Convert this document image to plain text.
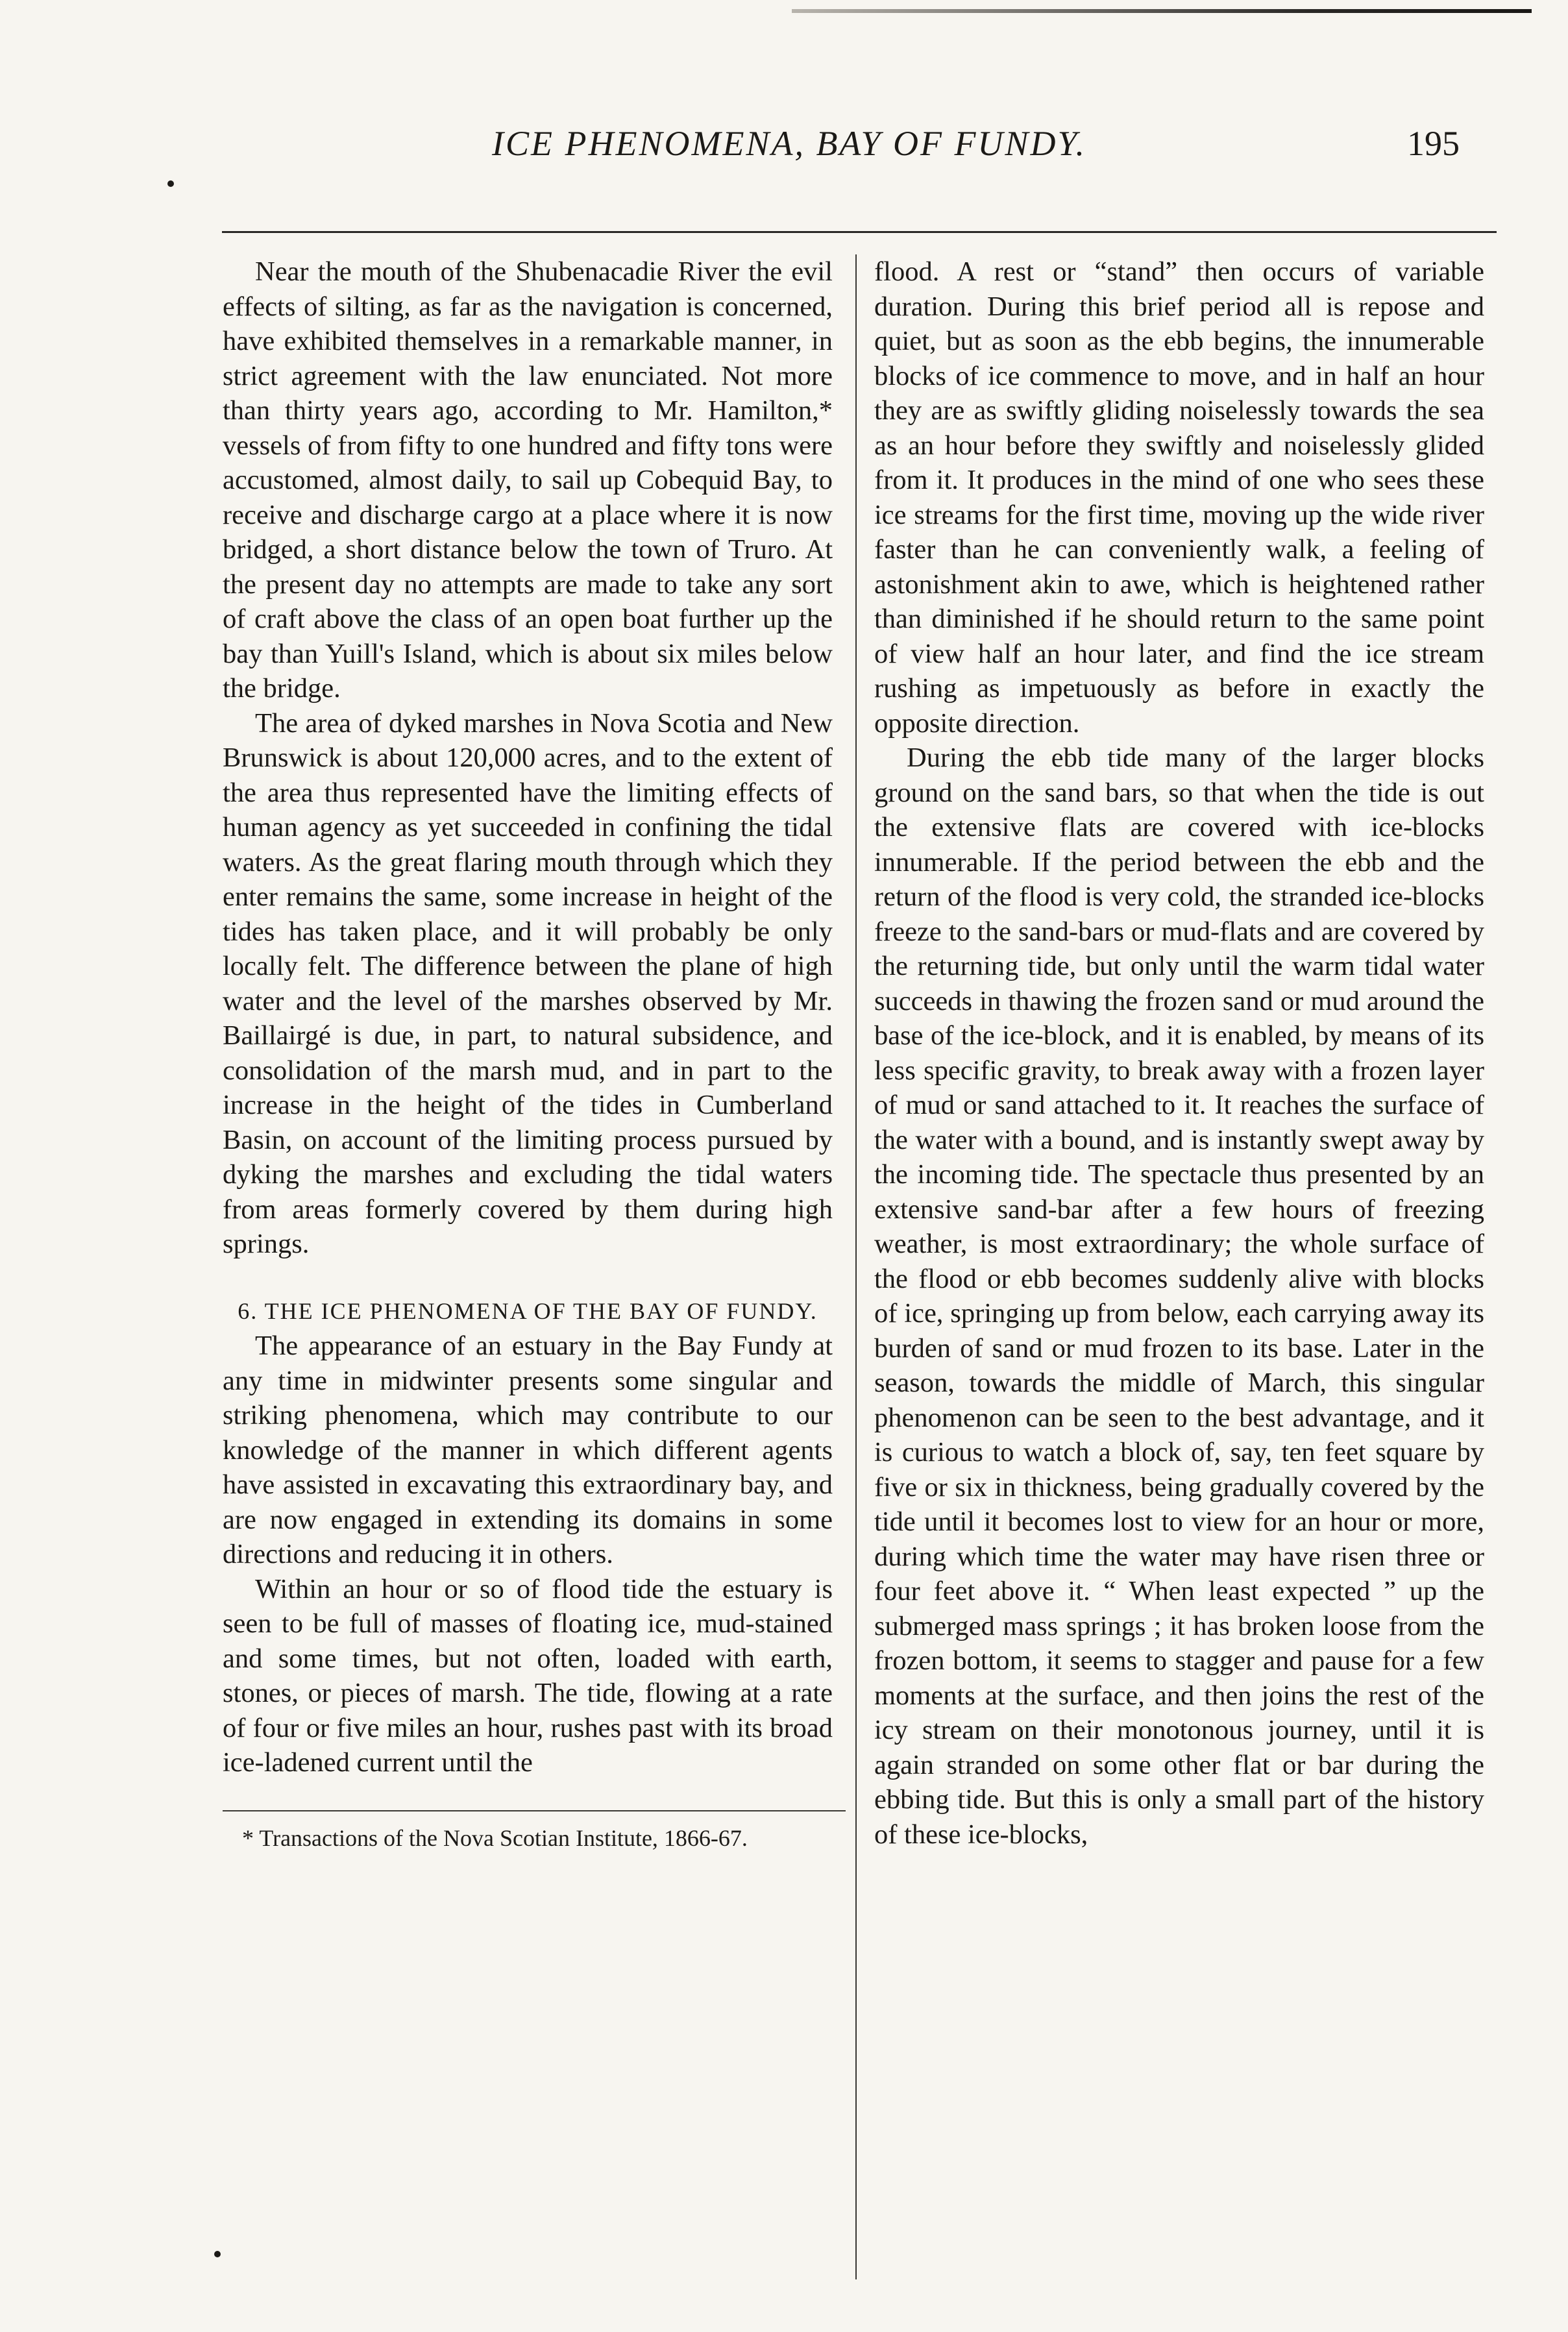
ICE PHENOMENA, BAY OF FUNDY.	195

Near the mouth of the Shubenacadie River the evil effects of silting, as far as the navigation is concerned, have exhibited themselves in a remarkable manner, in strict agreement with the law enunciated. Not more than thirty years ago, according to Mr. Hamilton,* vessels of from fifty to one hundred and fifty tons were accustomed, almost daily, to sail up Cobequid Bay, to receive and discharge cargo at a place where it is now bridged, a short distance below the town of Truro. At the present day no attempts are made to take any sort of craft above the class of an open boat further up the bay than Yuill's Island, which is about six miles below the bridge.

The area of dyked marshes in Nova Scotia and New Brunswick is about 120,000 acres, and to the extent of the area thus represented have the limiting effects of human agency as yet succeeded in confining the tidal waters. As the great flaring mouth through which they enter remains the same, some increase in height of the tides has taken place, and it will probably be only locally felt. The difference between the plane of high water and the level of the marshes observed by Mr. Baillairgé is due, in part, to natural subsidence, and consolidation of the marsh mud, and in part to the increase in the height of the tides in Cumberland Basin, on account of the limiting process pursued by dyking the marshes and excluding the tidal waters from areas formerly covered by them during high springs.

6. THE ICE PHENOMENA OF THE BAY OF FUNDY.

The appearance of an estuary in the Bay Fundy at any time in midwinter presents some singular and striking phenomena, which may contribute to our knowledge of the manner in which different agents have assisted in excavating this extraordinary bay, and are now engaged in extending its domains in some directions and reducing it in others.

Within an hour or so of flood tide the estuary is seen to be full of masses of floating ice, mud-stained and some times, but not often, loaded with earth, stones, or pieces of marsh. The tide, flowing at a rate of four or five miles an hour, rushes past with its broad ice-ladened current until the

* Transactions of the Nova Scotian Institute, 1866-67.

flood. A rest or “stand” then occurs of variable duration. During this brief period all is repose and quiet, but as soon as the ebb begins, the innumerable blocks of ice commence to move, and in half an hour they are as swiftly gliding noiselessly towards the sea as an hour before they swiftly and noiselessly glided from it. It produces in the mind of one who sees these ice streams for the first time, moving up the wide river faster than he can conveniently walk, a feeling of astonishment akin to awe, which is heightened rather than diminished if he should return to the same point of view half an hour later, and find the ice stream rushing as impetuously as before in exactly the opposite direction.

During the ebb tide many of the larger blocks ground on the sand bars, so that when the tide is out the extensive flats are covered with ice-blocks innumerable. If the period between the ebb and the return of the flood is very cold, the stranded ice-blocks freeze to the sand-bars or mud-flats and are covered by the returning tide, but only until the warm tidal water succeeds in thawing the frozen sand or mud around the base of the ice-block, and it is enabled, by means of its less specific gravity, to break away with a frozen layer of mud or sand attached to it. It reaches the surface of the water with a bound, and is instantly swept away by the incoming tide. The spectacle thus presented by an extensive sand-bar after a few hours of freezing weather, is most extraordinary; the whole surface of the flood or ebb becomes suddenly alive with blocks of ice, springing up from below, each carrying away its burden of sand or mud frozen to its base. Later in the season, towards the middle of March, this singular phenomenon can be seen to the best advantage, and it is curious to watch a block of, say, ten feet square by five or six in thickness, being gradually covered by the tide until it becomes lost to view for an hour or more, during which time the water may have risen three or four feet above it. “ When least expected ” up the submerged mass springs ; it has broken loose from the frozen bottom, it seems to stagger and pause for a few moments at the surface, and then joins the rest of the icy stream on their monotonous journey, until it is again stranded on some other flat or bar during the ebbing tide. But this is only a small part of the history of these ice-blocks,
